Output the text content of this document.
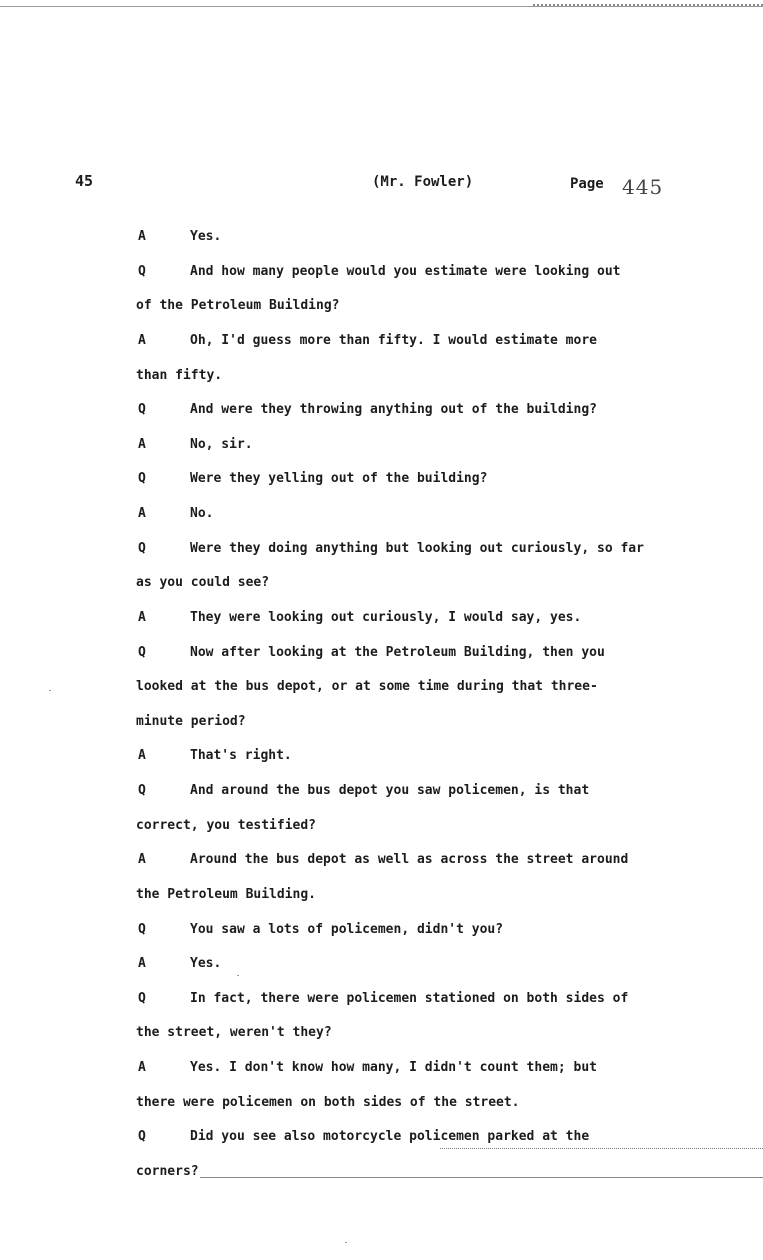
45	(Mr. Fowler)	Page 445
A	Yes.
Q	And how many people would you estimate were looking out
of the Petroleum Building?
A	Oh, I'd guess more than fifty. I would estimate more
than fifty.
Q	And were they throwing anything out of the building?
A	No, sir.
Q	Were they yelling out of the building?
A	No.
Q	Were they doing anything but looking out curiously, so far
as you could see?
A	They were looking out curiously, I would say, yes.
Q	Now after looking at the Petroleum Building, then you
looked at the bus depot, or at some time during that three-
minute period?
A	That's right.
Q	And around the bus depot you saw policemen, is that
correct, you testified?
A	Around the bus depot as well as across the street around
the Petroleum Building.
Q	You saw a lots of policemen, didn't you?
A	Yes.
Q	In fact, there were policemen stationed on both sides of
the street, weren't they?
A	Yes. I don't know how many, I didn't count them; but
there were policemen on both sides of the street.
Q	Did you see also motorcycle policemen parked at the
corners?
